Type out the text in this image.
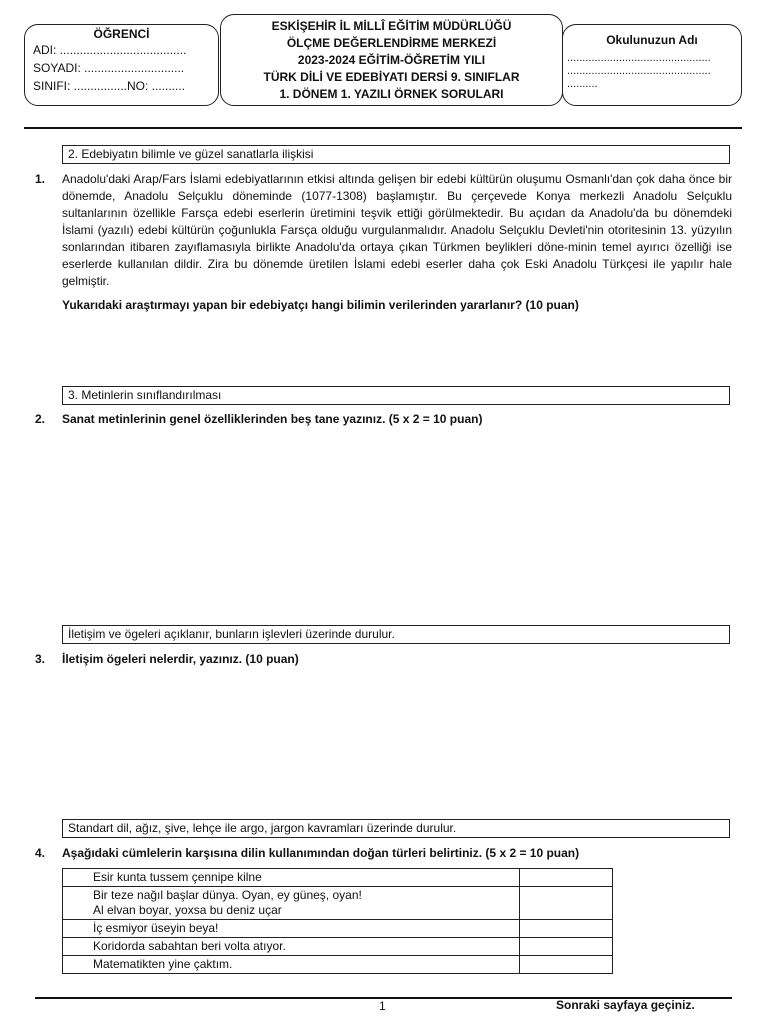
ÖĞRENCİ
ADI: ......................................
SOYADI: ..............................
SINIFI: ................NO: ..........
ESKİŞEHİR İL MİLLÎ EĞİTİM MÜDÜRLÜĞÜ
ÖLÇME DEĞERLENDİRME MERKEZİ
2023-2024 EĞİTİM-ÖĞRETİM YILI
TÜRK DİLİ VE EDEBİYATI DERSİ 9. SINIFLAR
1. DÖNEM 1. YAZILI ÖRNEK SORULARI
Okulunuzun Adı
...............................................
...............................................
..........
2. Edebiyatın bilimle ve güzel sanatlarla ilişkisi
1. Anadolu'daki Arap/Fars İslami edebiyatlarının etkisi altında gelişen bir edebi kültürün oluşumu Osmanlı'dan çok daha önce bir dönemde, Anadolu Selçuklu döneminde (1077-1308) başlamıştır. Bu çerçevede Konya merkezli Anadolu Selçuklu sultanlarının özellikle Farsça edebi eserlerin üretimini teşvik ettiği görülmektedir. Bu açıdan da Anadolu'da bu dönemdeki İslami (yazılı) edebi kültürün çoğunlukla Farsça olduğu vurgulanmalıdır. Anadolu Selçuklu Devleti'nin otoritesinin 13. yüzyılın sonlarından itibaren zayıflamasıyla birlikte Anadolu'da ortaya çıkan Türkmen beylikleri döne-minin temel ayırıcı özelliği ise eserlerde kullanılan dildir. Zira bu dönemde üretilen İslami edebi eserler daha çok Eski Anadolu Türkçesi ile yapılır hale gelmiştir.
Yukarıdaki araştırmayı yapan bir edebiyatçı hangi bilimin verilerinden yararlanır? (10 puan)
3. Metinlerin sınıflandırılması
2. Sanat metinlerinin genel özelliklerinden beş tane yazınız. (5 x 2 = 10 puan)
İletişim ve ögeleri açıklanır, bunların işlevleri üzerinde durulur.
3. İletişim ögeleri nelerdir, yazınız. (10 puan)
Standart dil, ağız, şive, lehçe ile argo, jargon kavramları üzerinde durulur.
4. Aşağıdaki cümlelerin karşısına dilin kullanımından doğan türleri belirtiniz. (5 x 2 = 10 puan)
Esir kunta tussem çennipe kilne	

Bir teze nağıl başlar dünya. Oyan, ey güneş, oyan!
Al elvan boyar, yoxsa bu deniz uçar	

İç esmiyor üseyin beya!	
Koridorda sabahtan beri volta atıyor.	
Matematikten yine çaktım.	
1	Sonraki sayfaya geçiniz.
